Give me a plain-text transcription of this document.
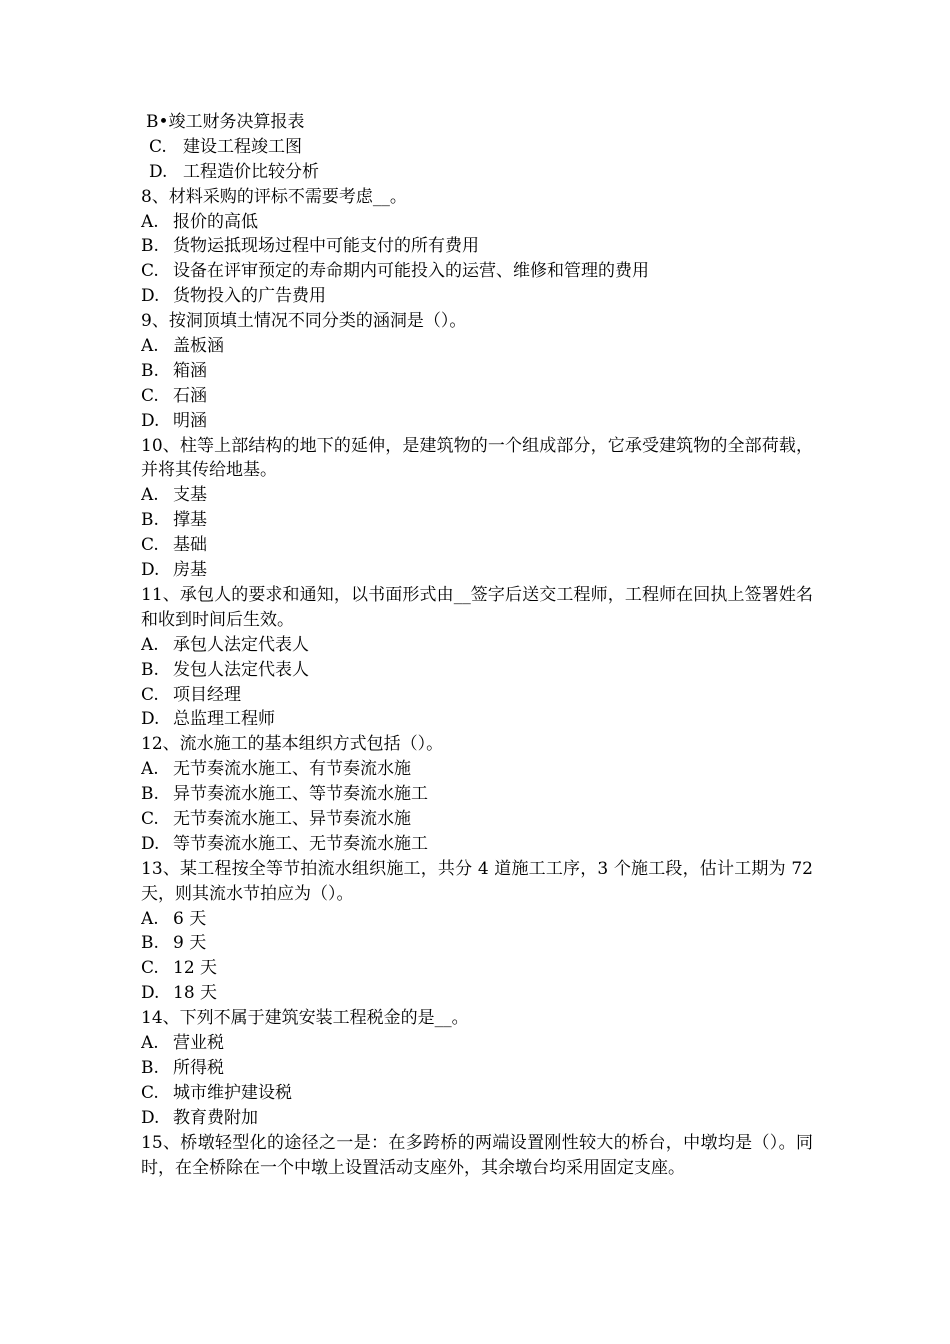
B•竣工财务决算报表
C. 建设工程竣工图
D. 工程造价比较分析
8、材料采购的评标不需要考虑__。
A. 报价的高低
B. 货物运抵现场过程中可能支付的所有费用
C. 设备在评审预定的寿命期内可能投入的运营、维修和管理的费用
D. 货物投入的广告费用
9、按洞顶填土情况不同分类的涵洞是（）。
A. 盖板涵
B. 箱涵
C. 石涵
D. 明涵
10、柱等上部结构的地下的延伸，是建筑物的一个组成部分，它承受建筑物的全部荷载，并将其传给地基。
A. 支基
B. 撑基
C. 基础
D. 房基
11、承包人的要求和通知，以书面形式由__签字后送交工程师，工程师在回执上签署姓名和收到时间后生效。
A. 承包人法定代表人
B. 发包人法定代表人
C. 项目经理
D. 总监理工程师
12、流水施工的基本组织方式包括（）。
A. 无节奏流水施工、有节奏流水施
B. 异节奏流水施工、等节奏流水施工
C. 无节奏流水施工、异节奏流水施
D. 等节奏流水施工、无节奏流水施工
13、某工程按全等节拍流水组织施工，共分 4 道施工工序，3 个施工段，估计工期为 72 天，则其流水节拍应为（）。
A. 6 天
B. 9 天
C. 12 天
D. 18 天
14、下列不属于建筑安装工程税金的是__。
A. 营业税
B. 所得税
C. 城市维护建设税
D. 教育费附加
15、桥墩轻型化的途径之一是：在多跨桥的两端设置刚性较大的桥台，中墩均是（）。同时，在全桥除在一个中墩上设置活动支座外，其余墩台均采用固定支座。
